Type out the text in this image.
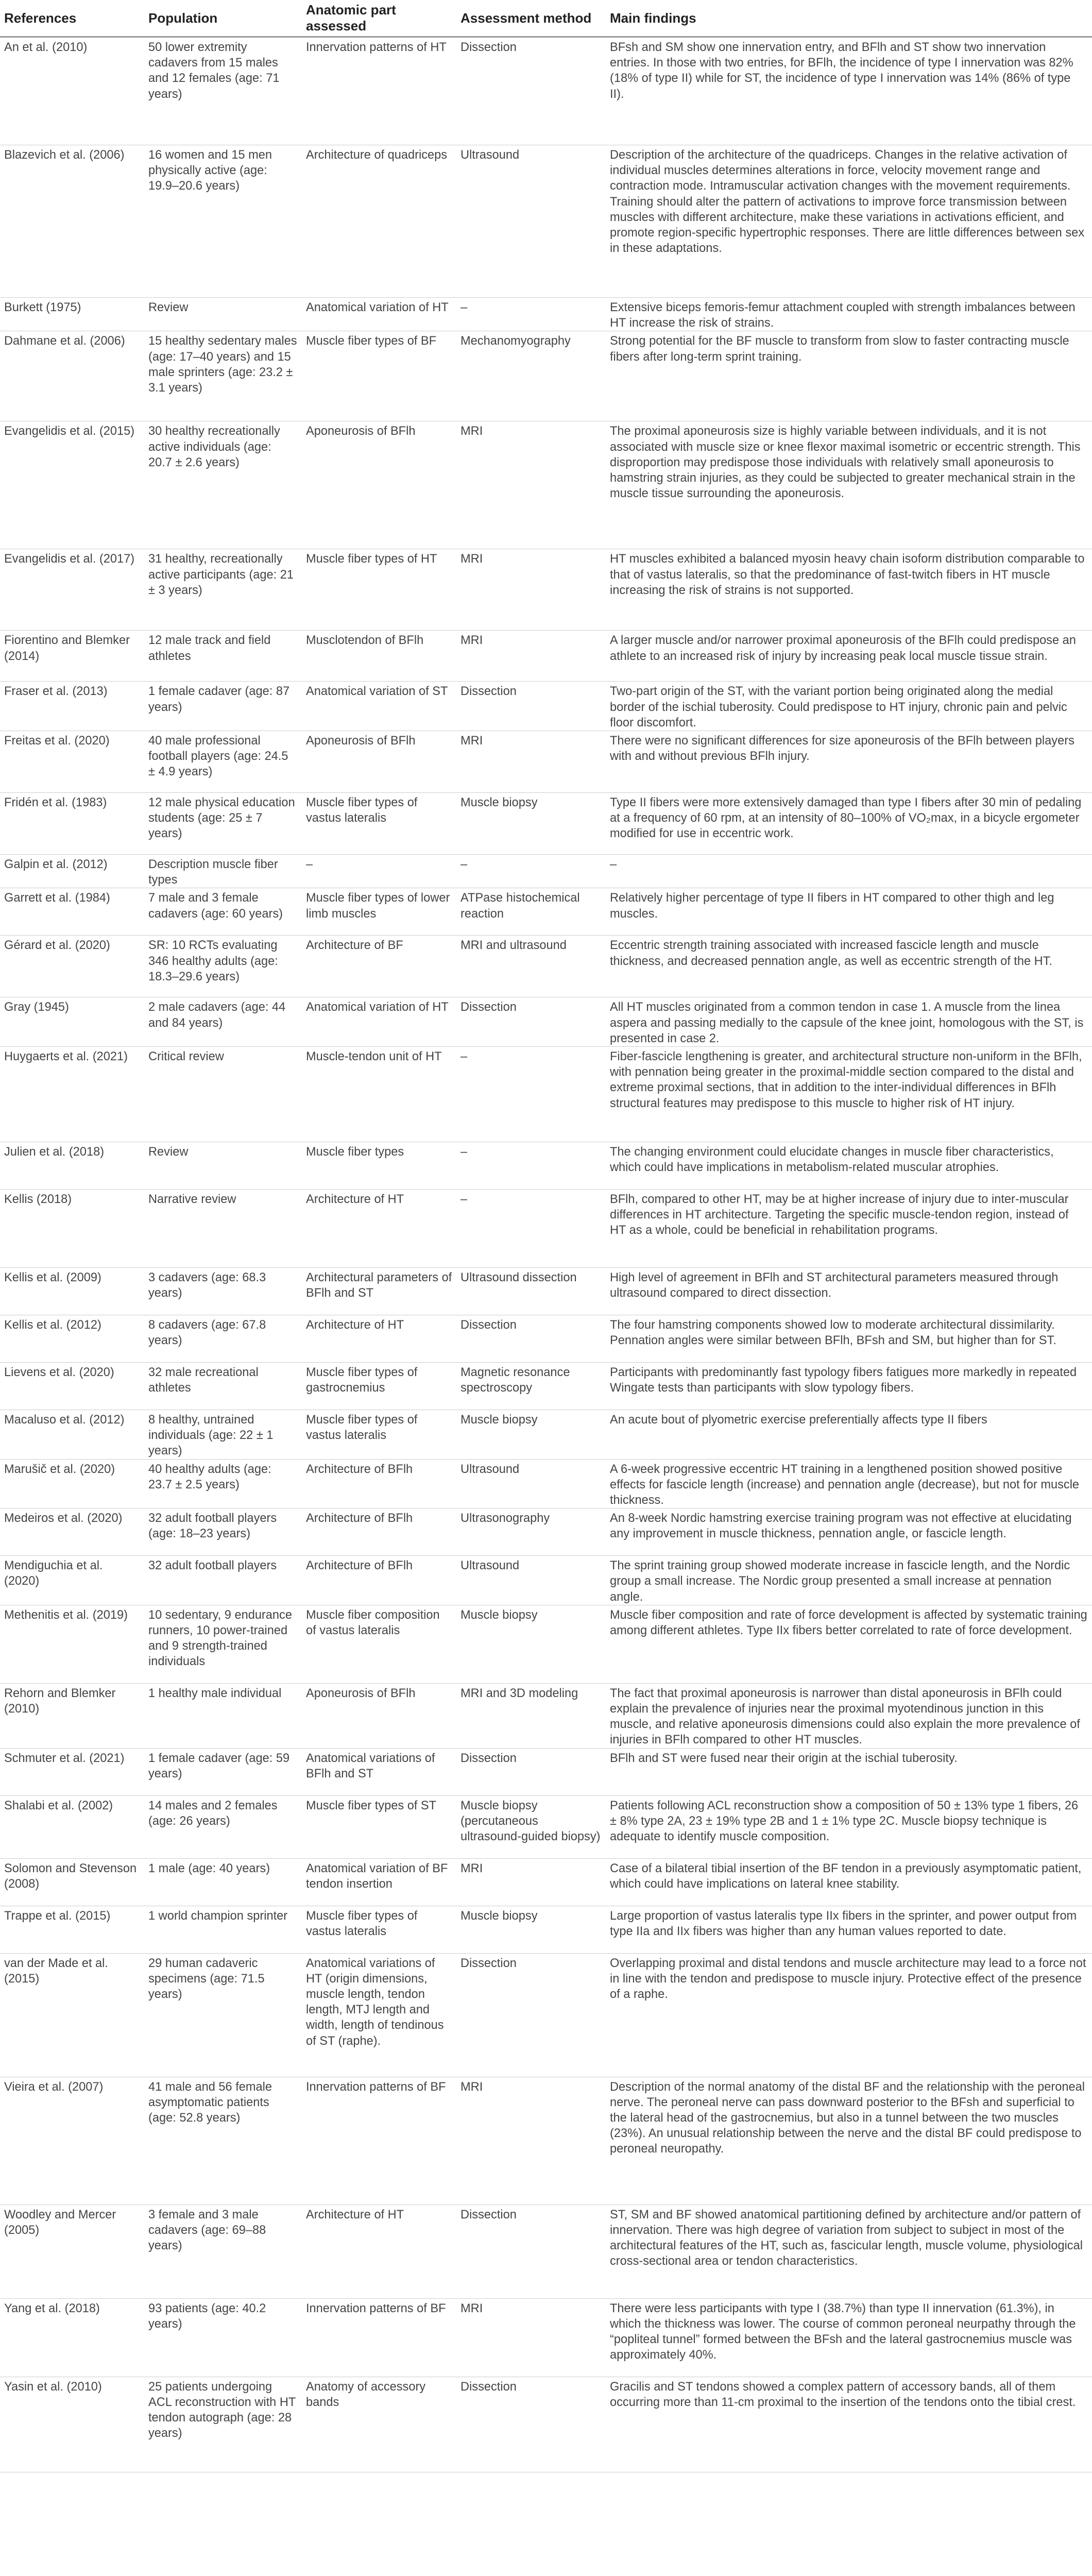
References	Population	Anatomic part assessed	Assessment method	Main findings
An et al. (2010)	50 lower extremity cadavers from 15 males and 12 females (age: 71 years)	Innervation patterns of HT	Dissection	BFsh and SM show one innervation entry, and BFlh and ST show two innervation entries. In those with two entries, for BFlh, the incidence of type I innervation was 82% (18% of type II) while for ST, the incidence of type I innervation was 14% (86% of type II).
Blazevich et al. (2006)	16 women and 15 men physically active (age: 19.9–20.6 years)	Architecture of quadriceps	Ultrasound	Description of the architecture of the quadriceps. Changes in the relative activation of individual muscles determines alterations in force, velocity movement range and contraction mode. Intramuscular activation changes with the movement requirements. Training should alter the pattern of activations to improve force transmission between muscles with different architecture, make these variations in activations efficient, and promote region-specific hypertrophic responses. There are little differences between sex in these adaptations.
Burkett (1975)	Review	Anatomical variation of HT	–	Extensive biceps femoris-femur attachment coupled with strength imbalances between HT increase the risk of strains.
Dahmane et al. (2006)	15 healthy sedentary males (age: 17–40 years) and 15 male sprinters (age: 23.2 ± 3.1 years)	Muscle fiber types of BF	Mechanomyography	Strong potential for the BF muscle to transform from slow to faster contracting muscle fibers after long-term sprint training.
Evangelidis et al. (2015)	30 healthy recreationally active individuals (age: 20.7 ± 2.6 years)	Aponeurosis of BFlh	MRI	The proximal aponeurosis size is highly variable between individuals, and it is not associated with muscle size or knee flexor maximal isometric or eccentric strength. This disproportion may predispose those individuals with relatively small aponeurosis to hamstring strain injuries, as they could be subjected to greater mechanical strain in the muscle tissue surrounding the aponeurosis.
Evangelidis et al. (2017)	31 healthy, recreationally active participants (age: 21 ± 3 years)	Muscle fiber types of HT	MRI	HT muscles exhibited a balanced myosin heavy chain isoform distribution comparable to that of vastus lateralis, so that the predominance of fast-twitch fibers in HT muscle increasing the risk of strains is not supported.
Fiorentino and Blemker (2014)	12 male track and field athletes	Musclotendon of BFlh	MRI	A larger muscle and/or narrower proximal aponeurosis of the BFlh could predispose an athlete to an increased risk of injury by increasing peak local muscle tissue strain.
Fraser et al. (2013)	1 female cadaver (age: 87 years)	Anatomical variation of ST	Dissection	Two-part origin of the ST, with the variant portion being originated along the medial border of the ischial tuberosity. Could predispose to HT injury, chronic pain and pelvic floor discomfort.
Freitas et al. (2020)	40 male professional football players (age: 24.5 ± 4.9 years)	Aponeurosis of BFlh	MRI	There were no significant differences for size aponeurosis of the BFlh between players with and without previous BFlh injury.
Fridén et al. (1983)	12 male physical education students (age: 25 ± 7 years)	Muscle fiber types of vastus lateralis	Muscle biopsy	Type II fibers were more extensively damaged than type I fibers after 30 min of pedaling at a frequency of 60 rpm, at an intensity of 80–100% of VO₂max, in a bicycle ergometer modified for use in eccentric work.
Galpin et al. (2012)	Description muscle fiber types	–	–	–
Garrett et al. (1984)	7 male and 3 female cadavers (age: 60 years)	Muscle fiber types of lower limb muscles	ATPase histochemical reaction	Relatively higher percentage of type II fibers in HT compared to other thigh and leg muscles.
Gérard et al. (2020)	SR: 10 RCTs evaluating 346 healthy adults (age: 18.3–29.6 years)	Architecture of BF	MRI and ultrasound	Eccentric strength training associated with increased fascicle length and muscle thickness, and decreased pennation angle, as well as eccentric strength of the HT.
Gray (1945)	2 male cadavers (age: 44 and 84 years)	Anatomical variation of HT	Dissection	All HT muscles originated from a common tendon in case 1. A muscle from the linea aspera and passing medially to the capsule of the knee joint, homologous with the ST, is presented in case 2.
Huygaerts et al. (2021)	Critical review	Muscle-tendon unit of HT	–	Fiber-fascicle lengthening is greater, and architectural structure non-uniform in the BFlh, with pennation being greater in the proximal-middle section compared to the distal and extreme proximal sections, that in addition to the inter-individual differences in BFlh structural features may predispose to this muscle to higher risk of HT injury.
Julien et al. (2018)	Review	Muscle fiber types	–	The changing environment could elucidate changes in muscle fiber characteristics, which could have implications in metabolism-related muscular atrophies.
Kellis (2018)	Narrative review	Architecture of HT	–	BFlh, compared to other HT, may be at higher increase of injury due to inter-muscular differences in HT architecture. Targeting the specific muscle-tendon region, instead of HT as a whole, could be beneficial in rehabilitation programs.
Kellis et al. (2009)	3 cadavers (age: 68.3 years)	Architectural parameters of BFlh and ST	Ultrasound dissection	High level of agreement in BFlh and ST architectural parameters measured through ultrasound compared to direct dissection.
Kellis et al. (2012)	8 cadavers (age: 67.8 years)	Architecture of HT	Dissection	The four hamstring components showed low to moderate architectural dissimilarity. Pennation angles were similar between BFlh, BFsh and SM, but higher than for ST.
Lievens et al. (2020)	32 male recreational athletes	Muscle fiber types of gastrocnemius	Magnetic resonance spectroscopy	Participants with predominantly fast typology fibers fatigues more markedly in repeated Wingate tests than participants with slow typology fibers.
Macaluso et al. (2012)	8 healthy, untrained individuals (age: 22 ± 1 years)	Muscle fiber types of vastus lateralis	Muscle biopsy	An acute bout of plyometric exercise preferentially affects type II fibers
Marušič et al. (2020)	40 healthy adults (age: 23.7 ± 2.5 years)	Architecture of BFlh	Ultrasound	A 6-week progressive eccentric HT training in a lengthened position showed positive effects for fascicle length (increase) and pennation angle (decrease), but not for muscle thickness.
Medeiros et al. (2020)	32 adult football players (age: 18–23 years)	Architecture of BFlh	Ultrasonography	An 8-week Nordic hamstring exercise training program was not effective at elucidating any improvement in muscle thickness, pennation angle, or fascicle length.
Mendiguchia et al. (2020)	32 adult football players	Architecture of BFlh	Ultrasound	The sprint training group showed moderate increase in fascicle length, and the Nordic group a small increase. The Nordic group presented a small increase at pennation angle.
Methenitis et al. (2019)	10 sedentary, 9 endurance runners, 10 power-trained and 9 strength-trained individuals	Muscle fiber composition of vastus lateralis	Muscle biopsy	Muscle fiber composition and rate of force development is affected by systematic training among different athletes. Type IIx fibers better correlated to rate of force development.
Rehorn and Blemker (2010)	1 healthy male individual	Aponeurosis of BFlh	MRI and 3D modeling	The fact that proximal aponeurosis is narrower than distal aponeurosis in BFlh could explain the prevalence of injuries near the proximal myotendinous junction in this muscle, and relative aponeurosis dimensions could also explain the more prevalence of injuries in BFlh compared to other HT muscles.
Schmuter et al. (2021)	1 female cadaver (age: 59 years)	Anatomical variations of BFlh and ST	Dissection	BFlh and ST were fused near their origin at the ischial tuberosity.
Shalabi et al. (2002)	14 males and 2 females (age: 26 years)	Muscle fiber types of ST	Muscle biopsy (percutaneous ultrasound-guided biopsy)	Patients following ACL reconstruction show a composition of 50 ± 13% type 1 fibers, 26 ± 8% type 2A, 23 ± 19% type 2B and 1 ± 1% type 2C. Muscle biopsy technique is adequate to identify muscle composition.
Solomon and Stevenson (2008)	1 male (age: 40 years)	Anatomical variation of BF tendon insertion	MRI	Case of a bilateral tibial insertion of the BF tendon in a previously asymptomatic patient, which could have implications on lateral knee stability.
Trappe et al. (2015)	1 world champion sprinter	Muscle fiber types of vastus lateralis	Muscle biopsy	Large proportion of vastus lateralis type IIx fibers in the sprinter, and power output from type IIa and IIx fibers was higher than any human values reported to date.
van der Made et al. (2015)	29 human cadaveric specimens (age: 71.5 years)	Anatomical variations of HT (origin dimensions, muscle length, tendon length, MTJ length and width, length of tendinous of ST (raphe).	Dissection	Overlapping proximal and distal tendons and muscle architecture may lead to a force not in line with the tendon and predispose to muscle injury. Protective effect of the presence of a raphe.
Vieira et al. (2007)	41 male and 56 female asymptomatic patients (age: 52.8 years)	Innervation patterns of BF	MRI	Description of the normal anatomy of the distal BF and the relationship with the peroneal nerve. The peroneal nerve can pass downward posterior to the BFsh and superficial to the lateral head of the gastrocnemius, but also in a tunnel between the two muscles (23%). An unusual relationship between the nerve and the distal BF could predispose to peroneal neuropathy.
Woodley and Mercer (2005)	3 female and 3 male cadavers (age: 69–88 years)	Architecture of HT	Dissection	ST, SM and BF showed anatomical partitioning defined by architecture and/or pattern of innervation. There was high degree of variation from subject to subject in most of the architectural features of the HT, such as, fascicular length, muscle volume, physiological cross-sectional area or tendon characteristics.
Yang et al. (2018)	93 patients (age: 40.2 years)	Innervation patterns of BF	MRI	There were less participants with type I (38.7%) than type II innervation (61.3%), in which the thickness was lower. The course of common peroneal neurpathy through the “popliteal tunnel” formed between the BFsh and the lateral gastrocnemius muscle was approximately 40%.
Yasin et al. (2010)	25 patients undergoing ACL reconstruction with HT tendon autograph (age: 28 years)	Anatomy of accessory bands	Dissection	Gracilis and ST tendons showed a complex pattern of accessory bands, all of them occurring more than 11-cm proximal to the insertion of the tendons onto the tibial crest.
